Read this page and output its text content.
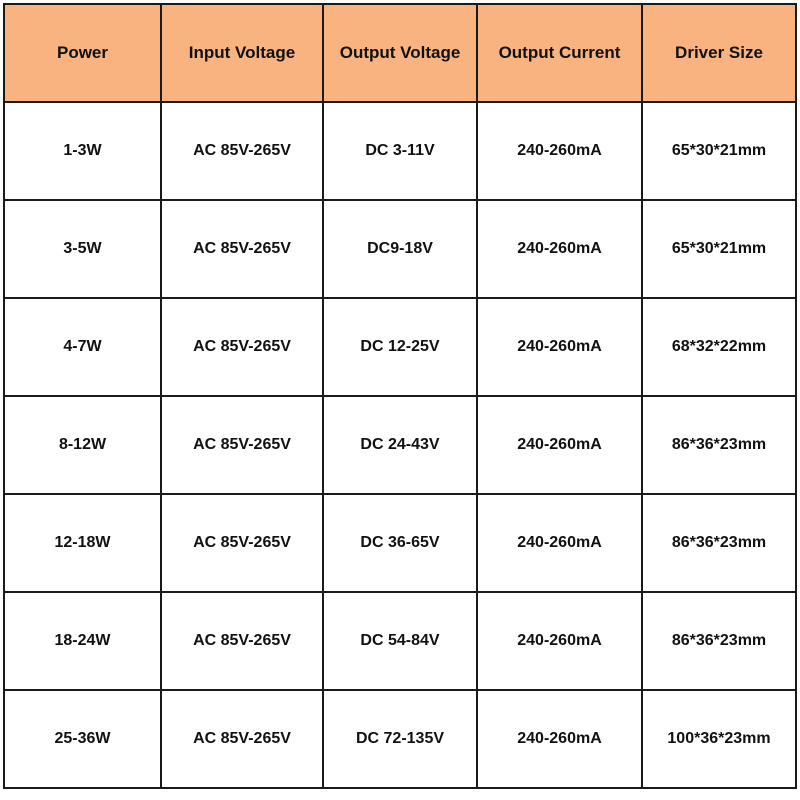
Power	Input Voltage	Output Voltage	Output Current	Driver Size
1-3W	AC 85V-265V	DC 3-11V	240-260mA	65*30*21mm
3-5W	AC 85V-265V	DC9-18V	240-260mA	65*30*21mm
4-7W	AC 85V-265V	DC 12-25V	240-260mA	68*32*22mm
8-12W	AC 85V-265V	DC 24-43V	240-260mA	86*36*23mm
12-18W	AC 85V-265V	DC 36-65V	240-260mA	86*36*23mm
18-24W	AC 85V-265V	DC 54-84V	240-260mA	86*36*23mm
25-36W	AC 85V-265V	DC 72-135V	240-260mA	100*36*23mm
